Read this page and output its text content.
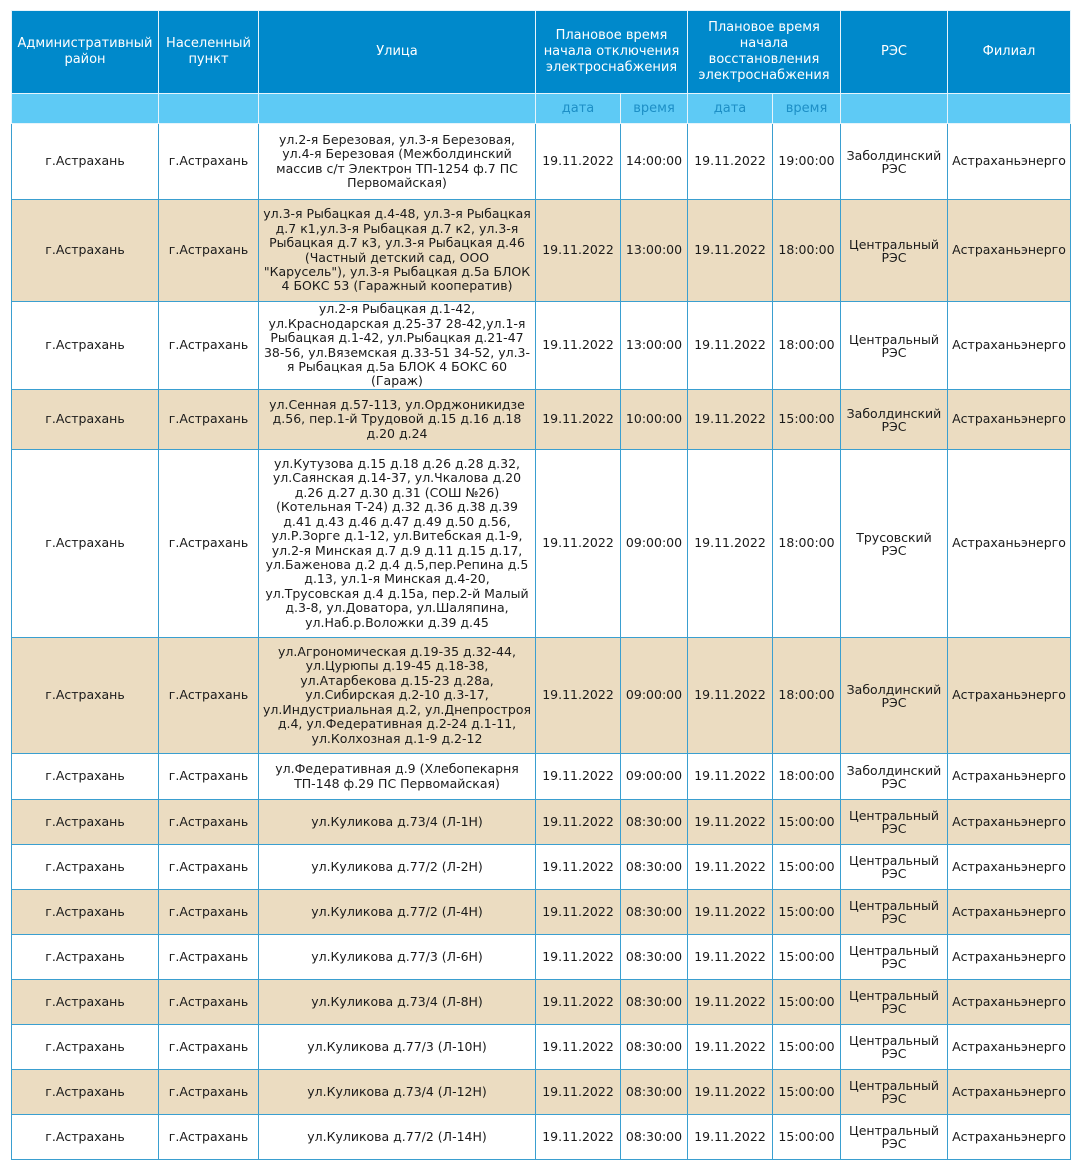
Административный район	Населенный пункт	Улица	Плановое время начала отключения электроснабжения		Плановое время начала восстановления электроснабжения		РЭС	Филиал
			дата	время	дата	время		
г.Астрахань	г.Астрахань	ул.2-я Березовая, ул.3-я Березовая, ул.4-я Березовая (Межболдинский массив с/т Электрон ТП-1254 ф.7 ПС Первомайская)	19.11.2022	14:00:00	19.11.2022	19:00:00	Заболдинский РЭС	Астраханьэнерго
г.Астрахань	г.Астрахань	ул.3-я Рыбацкая д.4-48, ул.3-я Рыбацкая д.7 к1,ул.3-я Рыбацкая д.7 к2, ул.3-я Рыбацкая д.7 к3, ул.3-я Рыбацкая д.46 (Частный детский сад, ООО "Карусель"), ул.3-я Рыбацкая д.5а БЛОК 4 БОКС 53 (Гаражный кооператив)	19.11.2022	13:00:00	19.11.2022	18:00:00	Центральный РЭС	Астраханьэнерго
г.Астрахань	г.Астрахань	ул.2-я Рыбацкая д.1-42, ул.Краснодарская д.25-37 28-42,ул.1-я Рыбацкая д.1-42, ул.Рыбацкая д.21-47 38-56, ул.Вяземская д.33-51 34-52, ул.3-я Рыбацкая д.5а БЛОК 4 БОКС 60 (Гараж)	19.11.2022	13:00:00	19.11.2022	18:00:00	Центральный РЭС	Астраханьэнерго
г.Астрахань	г.Астрахань	ул.Сенная д.57-113, ул.Орджоникидзе д.56, пер.1-й Трудовой д.15 д.16 д.18 д.20 д.24	19.11.2022	10:00:00	19.11.2022	15:00:00	Заболдинский РЭС	Астраханьэнерго
г.Астрахань	г.Астрахань	ул.Кутузова д.15 д.18 д.26 д.28 д.32, ул.Саянская д.14-37, ул.Чкалова д.20 д.26 д.27 д.30 д.31 (СОШ №26) (Котельная Т-24) д.32 д.36 д.38 д.39 д.41 д.43 д.46 д.47 д.49 д.50 д.56, ул.Р.Зорге д.1-12, ул.Витебская д.1-9, ул.2-я Минская д.7 д.9 д.11 д.15 д.17, ул.Баженова д.2 д.4 д.5,пер.Репина д.5 д.13, ул.1-я Минская д.4-20, ул.Трусовская д.4 д.15а, пер.2-й Малый д.3-8, ул.Доватора, ул.Шаляпина, ул.Наб.р.Воложки д.39 д.45	19.11.2022	09:00:00	19.11.2022	18:00:00	Трусовский РЭС	Астраханьэнерго
г.Астрахань	г.Астрахань	ул.Агрономическая д.19-35 д.32-44, ул.Цурюпы д.19-45 д.18-38, ул.Атарбекова д.15-23 д.28а, ул.Сибирская д.2-10 д.3-17, ул.Индустриальная д.2, ул.Днепростроя д.4, ул.Федеративная д.2-24 д.1-11, ул.Колхозная д.1-9 д.2-12	19.11.2022	09:00:00	19.11.2022	18:00:00	Заболдинский РЭС	Астраханьэнерго
г.Астрахань	г.Астрахань	ул.Федеративная д.9 (Хлебопекарня ТП-148 ф.29 ПС Первомайская)	19.11.2022	09:00:00	19.11.2022	18:00:00	Заболдинский РЭС	Астраханьэнерго
г.Астрахань	г.Астрахань	ул.Куликова д.73/4 (Л-1Н)	19.11.2022	08:30:00	19.11.2022	15:00:00	Центральный РЭС	Астраханьэнерго
г.Астрахань	г.Астрахань	ул.Куликова д.77/2 (Л-2Н)	19.11.2022	08:30:00	19.11.2022	15:00:00	Центральный РЭС	Астраханьэнерго
г.Астрахань	г.Астрахань	ул.Куликова д.77/2 (Л-4Н)	19.11.2022	08:30:00	19.11.2022	15:00:00	Центральный РЭС	Астраханьэнерго
г.Астрахань	г.Астрахань	ул.Куликова д.77/3 (Л-6Н)	19.11.2022	08:30:00	19.11.2022	15:00:00	Центральный РЭС	Астраханьэнерго
г.Астрахань	г.Астрахань	ул.Куликова д.73/4 (Л-8Н)	19.11.2022	08:30:00	19.11.2022	15:00:00	Центральный РЭС	Астраханьэнерго
г.Астрахань	г.Астрахань	ул.Куликова д.77/3 (Л-10Н)	19.11.2022	08:30:00	19.11.2022	15:00:00	Центральный РЭС	Астраханьэнерго
г.Астрахань	г.Астрахань	ул.Куликова д.73/4 (Л-12Н)	19.11.2022	08:30:00	19.11.2022	15:00:00	Центральный РЭС	Астраханьэнерго
г.Астрахань	г.Астрахань	ул.Куликова д.77/2 (Л-14Н)	19.11.2022	08:30:00	19.11.2022	15:00:00	Центральный РЭС	Астраханьэнерго
